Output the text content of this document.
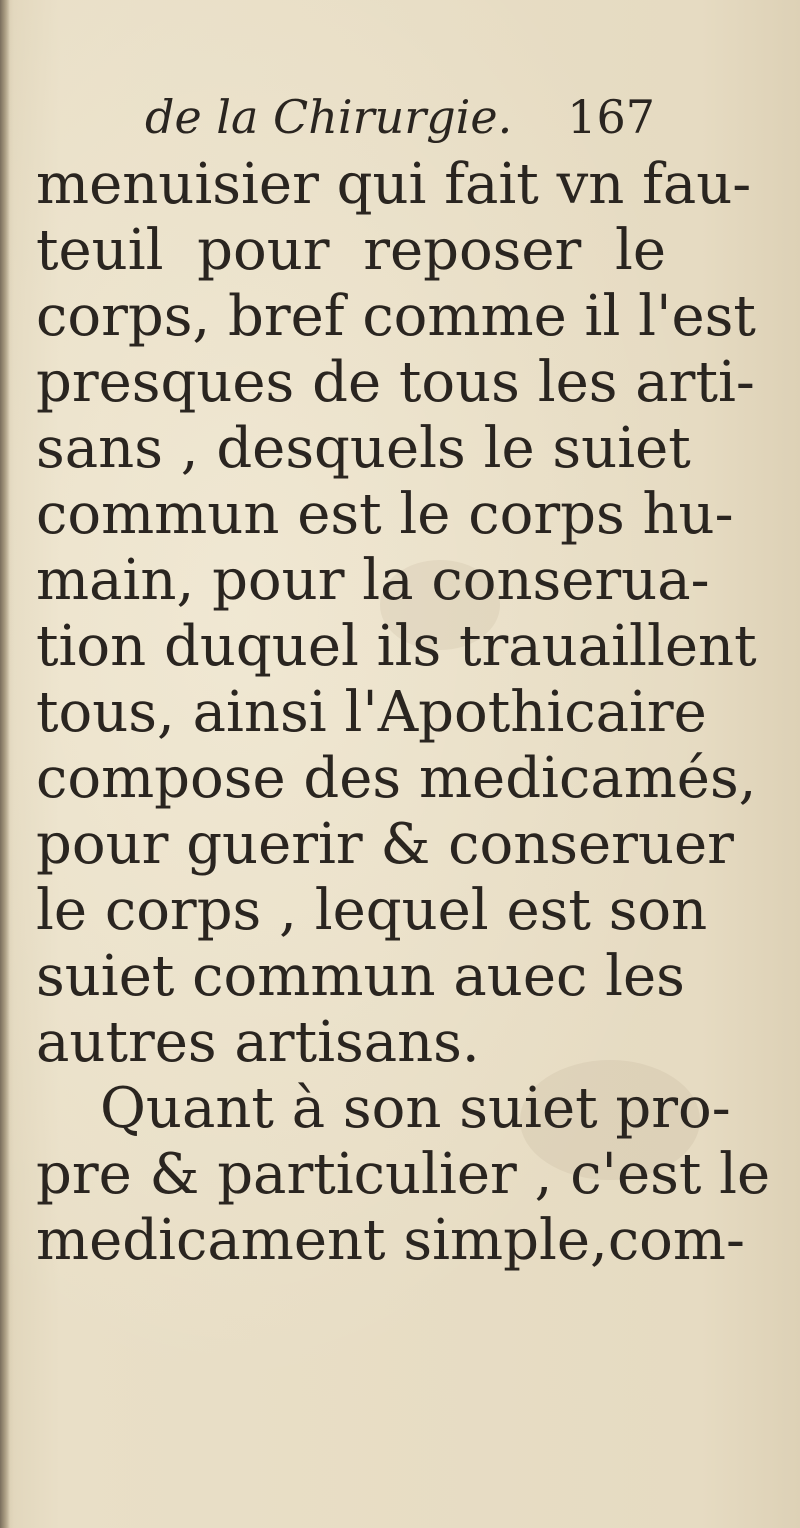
de la Chirurgie. 167
menuisier qui fait vn fau-
teuil pour reposer le
corps, bref comme il l'est
presques de tous les arti-
sans , desquels le suiet
commun est le corps hu-
main, pour la conserua-
tion duquel ils trauaillent
tous, ainsi l'Apothicaire
compose des medicamés,
pour guerir & conseruer
le corps , lequel est son
suiet commun auec les
autres artisans.
Quant à son suiet pro-
pre & particulier , c'est le
medicament simple,com-
